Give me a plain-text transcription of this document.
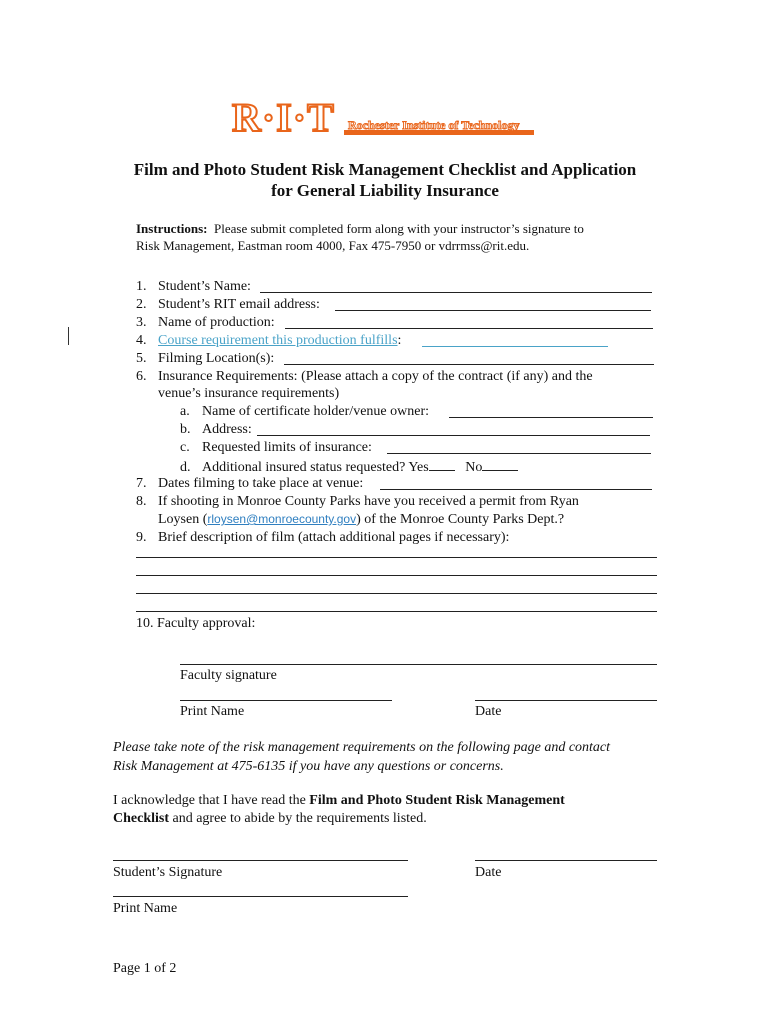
R·I·T Rochester Institute of Technology
Film and Photo Student Risk Management Checklist and Application
for General Liability Insurance
Instructions: Please submit completed form along with your instructor’s signature to
Risk Management, Eastman room 4000, Fax 475-7950 or vdrrmss@rit.edu.
1. Student’s Name:
2. Student’s RIT email address:
3. Name of production:
4. Course requirement this production fulfills:
5. Filming Location(s):
6. Insurance Requirements: (Please attach a copy of the contract (if any) and the
venue’s insurance requirements)
a. Name of certificate holder/venue owner:
b. Address:
c. Requested limits of insurance:
d. Additional insured status requested? Yes	No
7. Dates filming to take place at venue:
8. If shooting in Monroe County Parks have you received a permit from Ryan
Loysen (rloysen@monroecounty.gov) of the Monroe County Parks Dept.?
9. Brief description of film (attach additional pages if necessary):
10. Faculty approval:
Faculty signature
Print Name	Date
Please take note of the risk management requirements on the following page and contact
Risk Management at 475-6135 if you have any questions or concerns.
I acknowledge that I have read the Film and Photo Student Risk Management
Checklist and agree to abide by the requirements listed.
Student’s Signature	Date
Print Name
Page 1 of 2
